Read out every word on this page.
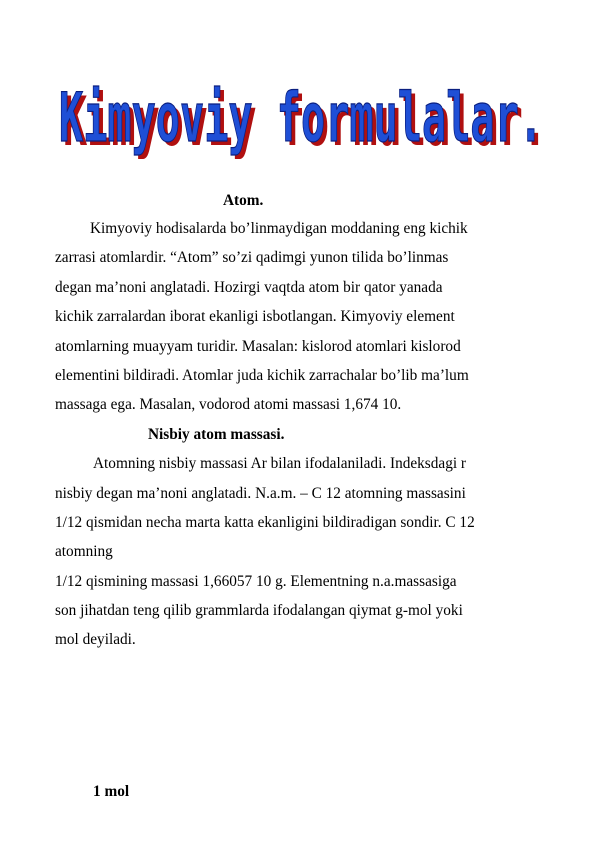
Kimyoviy formulalar.
Kimyoviy formulalar.
Atom.
Kimyoviy hodisalarda bo’linmaydigan moddaning eng kichik
zarrasi atomlardir. “Atom” so’zi qadimgi yunon tilida bo’linmas
degan ma’noni anglatadi. Hozirgi vaqtda atom bir qator yanada
kichik zarralardan iborat ekanligi isbotlangan. Kimyoviy element
atomlarning muayyam turidir. Masalan: kislorod atomlari kislorod
elementini bildiradi. Atomlar juda kichik zarrachalar bo’lib ma’lum
massaga ega. Masalan, vodorod atomi massasi 1,674 10.
Nisbiy atom massasi.
Atomning nisbiy massasi Ar bilan ifodalaniladi. Indeksdagi r
nisbiy degan ma’noni anglatadi. N.a.m. – C 12 atomning massasini
1/12 qismidan necha marta katta ekanligini bildiradigan sondir. C 12
atomning
1/12 qismining massasi 1,66057 10 g. Elementning n.a.massasiga
son jihatdan teng qilib grammlarda ifodalangan qiymat g-mol yoki
mol deyiladi.
1 mol
